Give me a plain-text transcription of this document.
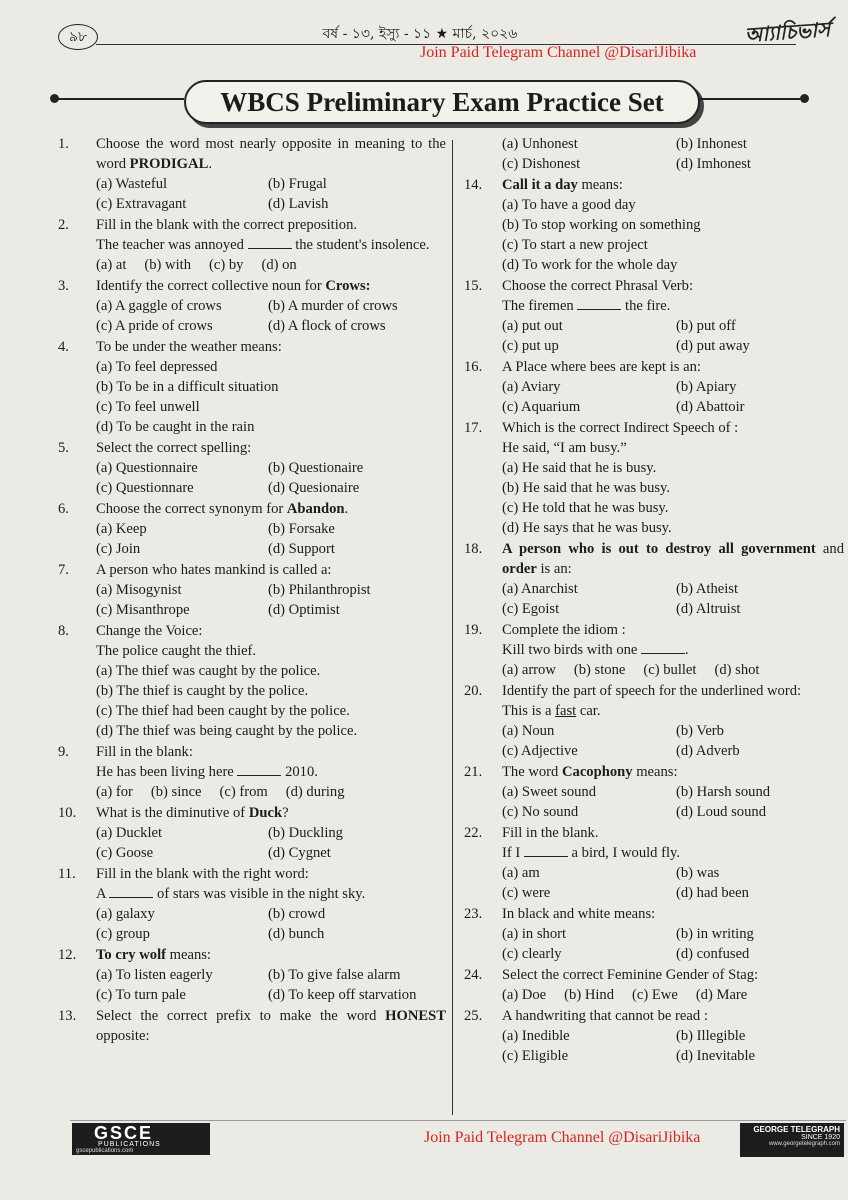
৯৮	বর্ষ - ১৩, ইস্যু - ১১ ★ মার্চ, ২০২৬	আ্যাচিভার্স
Join Paid Telegram Channel @DisariJibika
WBCS Preliminary Exam Practice Set
1.	Choose the word most nearly opposite in meaning to the word PRODIGAL.
(a) Wasteful	(b) Frugal
(c) Extravagant	(d) Lavish
2.	Fill in the blank with the correct preposition.
The teacher was annoyed	the student's insolence.
(a) at (b) with (c) by (d) on
3.	Identify the correct collective noun for Crows:
(a) A gaggle of crows	(b) A murder of crows
(c) A pride of crows	(d) A flock of crows
4.	To be under the weather means:
(a) To feel depressed
(b) To be in a difficult situation
(c) To feel unwell
(d) To be caught in the rain
5.	Select the correct spelling:
(a) Questionnaire	(b) Questionaire
(c) Questionnare	(d) Quesionaire
6.	Choose the correct synonym for Abandon.
(a) Keep	(b) Forsake
(c) Join	(d) Support
7.	A person who hates mankind is called a:
(a) Misogynist	(b) Philanthropist
(c) Misanthrope	(d) Optimist
8.	Change the Voice:
The police caught the thief.
(a) The thief was caught by the police.
(b) The thief is caught by the police.
(c) The thief had been caught by the police.
(d) The thief was being caught by the police.
9.	Fill in the blank:
He has been living here	2010.
(a) for (b) since (c) from (d) during
10.	What is the diminutive of Duck?
(a) Ducklet	(b) Duckling
(c) Goose	(d) Cygnet
11.	Fill in the blank with the right word:
A	of stars was visible in the night sky.
(a) galaxy	(b) crowd
(c) group	(d) bunch
12.	To cry wolf means:
(a) To listen eagerly	(b) To give false alarm
(c) To turn pale	(d) To keep off starvation
13.	Select the correct prefix to make the word HONEST opposite:
(a) Unhonest	(b) Inhonest
(c) Dishonest	(d) Imhonest
14.	Call it a day means:
(a) To have a good day
(b) To stop working on something
(c) To start a new project
(d) To work for the whole day
15.	Choose the correct Phrasal Verb:
The firemen	the fire.
(a) put out	(b) put off
(c) put up	(d) put away
16.	A Place where bees are kept is an:
(a) Aviary	(b) Apiary
(c) Aquarium	(d) Abattoir
17.	Which is the correct Indirect Speech of :
He said, “I am busy.”
(a) He said that he is busy.
(b) He said that he was busy.
(c) He told that he was busy.
(d) He says that he was busy.
18.	A person who is out to destroy all government and order is an:
(a) Anarchist	(b) Atheist
(c) Egoist	(d) Altruist
19.	Complete the idiom :
Kill two birds with one	.
(a) arrow (b) stone (c) bullet (d) shot
20.	Identify the part of speech for the underlined word:
This is a fast car.
(a) Noun	(b) Verb
(c) Adjective	(d) Adverb
21.	The word Cacophony means:
(a) Sweet sound	(b) Harsh sound
(c) No sound	(d) Loud sound
22.	Fill in the blank.
If I	a bird, I would fly.
(a) am	(b) was
(c) were	(d) had been
23.	In black and white means:
(a) in short	(b) in writing
(c) clearly	(d) confused
24.	Select the correct Feminine Gender of Stag:
(a) Doe (b) Hind (c) Ewe (d) Mare
25.	A handwriting that cannot be read :
(a) Inedible	(b) Illegible
(c) Eligible	(d) Inevitable
GSCE
PUBLICATIONS
gscepublications.com
Join Paid Telegram Channel @DisariJibika	GEORGE TELEGRAPH
SINCE 1920
www.georgetelegraph.com
